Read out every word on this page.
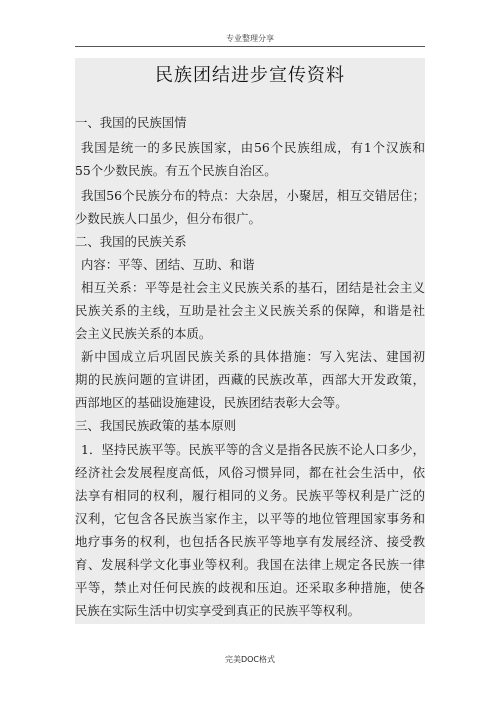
专业整理分享
民族团结进步宣传资料
一、我国的民族国情
我国是统一的多民族国家，由56个民族组成，有1个汉族和
55个少数民族。有五个民族自治区。
我国56个民族分布的特点：大杂居，小聚居，相互交错居住；
少数民族人口虽少，但分布很广。
二、我国的民族关系
内容：平等、团结、互助、和谐
相互关系：平等是社会主义民族关系的基石，团结是社会主义
民族关系的主线，互助是社会主义民族关系的保障，和谐是社
会主义民族关系的本质。
新中国成立后巩固民族关系的具体措施：写入宪法、建国初
期的民族问题的宣讲团，西藏的民族改革，西部大开发政策，
西部地区的基础设施建设，民族团结表彰大会等。
三、我国民族政策的基本原则
1．坚持民族平等。民族平等的含义是指各民族不论人口多少，
经济社会发展程度高低，风俗习惯异同，都在社会生活中，依
法享有相同的权利，履行相同的义务。民族平等权利是广泛的
汉利，它包含各民族当家作主，以平等的地位管理国家事务和
地疗事务的权利，也包括各民族平等地享有发展经济、接受教
育、发展科学文化事业等权利。我国在法律上规定各民族一律
平等，禁止对任何民族的歧视和压迫。还采取多种措施，使各
民族在实际生活中切实享受到真正的民族平等权利。
完美DOC格式
